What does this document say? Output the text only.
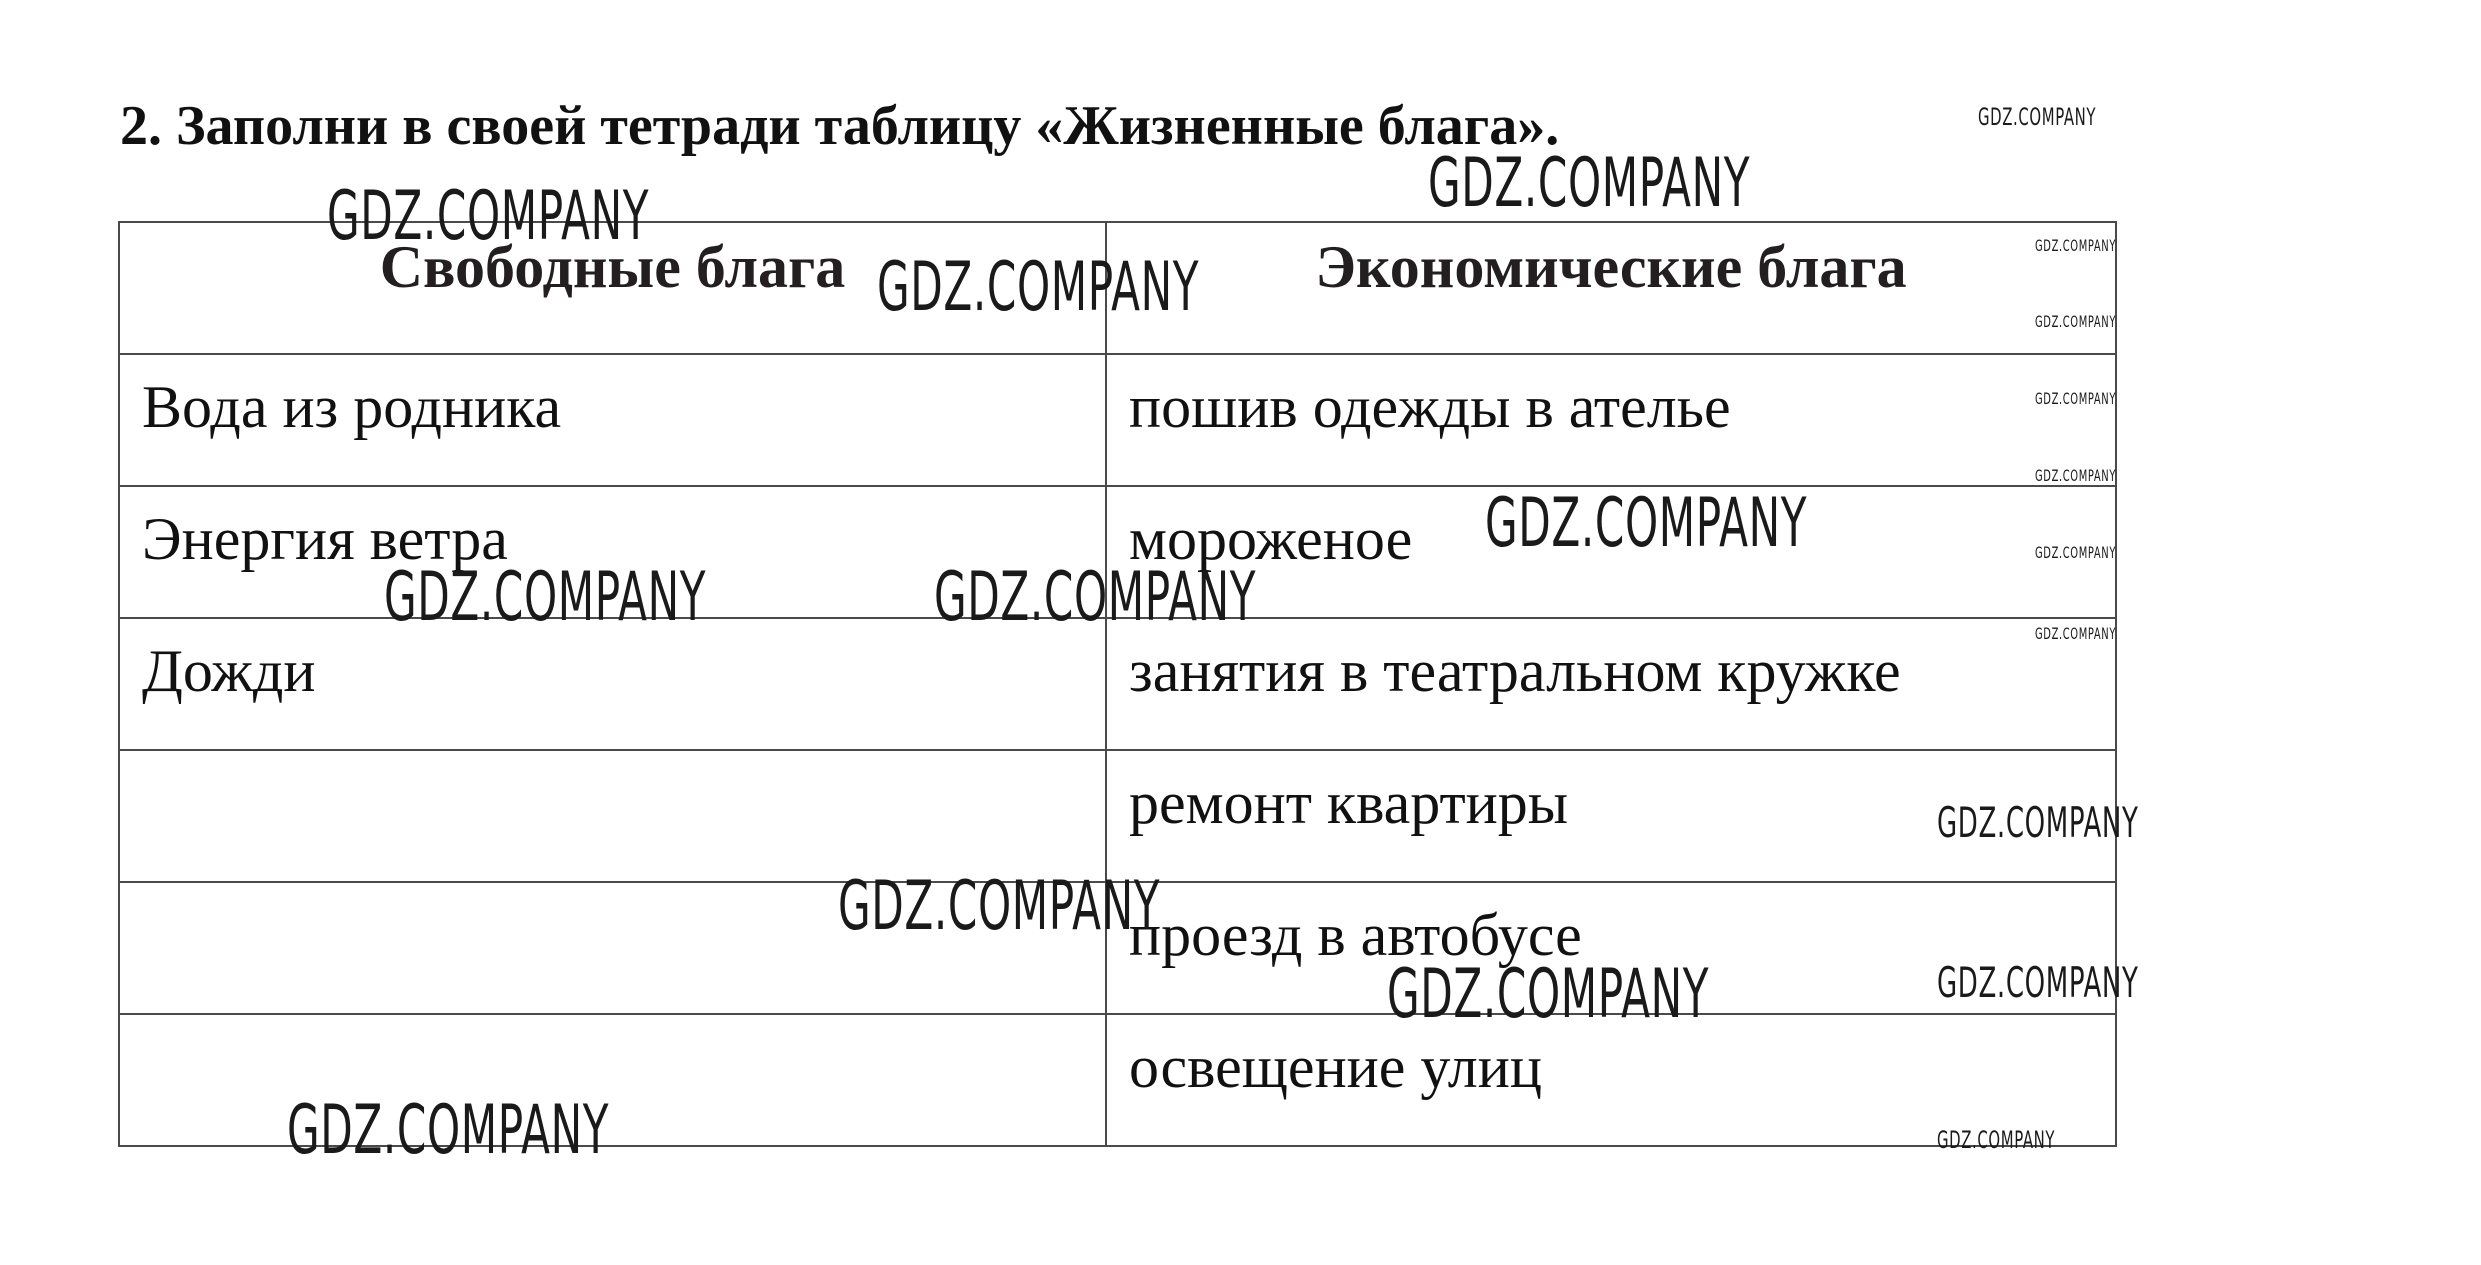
2. Заполни в своей тетради таблицу «Жизненные блага».
Свободные блага	Экономические блага

Вода из родника	пошив одежды в ателье

Энергия ветра	мороженое

Дожди	занятия в театральном кружке

	ремонт квартиры

	проезд в автобусе

	освещение улиц
GDZ.COMPANY
GDZ.COMPANY
GDZ.COMPANY
GDZ.COMPANY
GDZ.COMPANY
GDZ.COMPANY
GDZ.COMPANY
GDZ.COMPANY
GDZ.COMPANY	GDZ.COMPANY
GDZ.COMPANY	GDZ.COMPANY	GDZ.COMPANY
GDZ.COMPANY
GDZ.COMPANY
GDZ.COMPANY	GDZ.COMPANY
GDZ.COMPANY	GDZ.COMPANY
